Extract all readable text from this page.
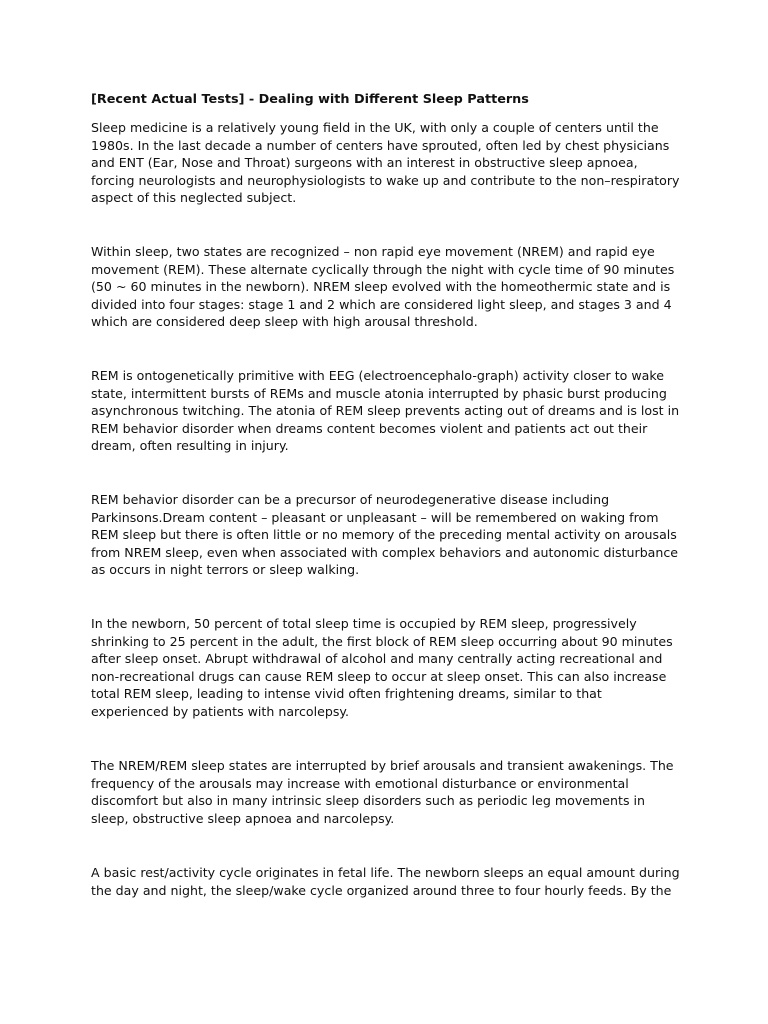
[Recent Actual Tests] - Dealing with Different Sleep Patterns

Sleep medicine is a relatively young field in the UK, with only a couple of centers until the
1980s. In the last decade a number of centers have sprouted, often led by chest physicians
and ENT (Ear, Nose and Throat) surgeons with an interest in obstructive sleep apnoea,
forcing neurologists and neurophysiologists to wake up and contribute to the non–respiratory
aspect of this neglected subject.

Within sleep, two states are recognized – non rapid eye movement (NREM) and rapid eye
movement (REM). These alternate cyclically through the night with cycle time of 90 minutes
(50 ~ 60 minutes in the newborn). NREM sleep evolved with the homeothermic state and is
divided into four stages: stage 1 and 2 which are considered light sleep, and stages 3 and 4
which are considered deep sleep with high arousal threshold.

REM is ontogenetically primitive with EEG (electroencephalo-graph) activity closer to wake
state, intermittent bursts of REMs and muscle atonia interrupted by phasic burst producing
asynchronous twitching. The atonia of REM sleep prevents acting out of dreams and is lost in
REM behavior disorder when dreams content becomes violent and patients act out their
dream, often resulting in injury.

REM behavior disorder can be a precursor of neurodegenerative disease including
Parkinsons.Dream content – pleasant or unpleasant – will be remembered on waking from
REM sleep but there is often little or no memory of the preceding mental activity on arousals
from NREM sleep, even when associated with complex behaviors and autonomic disturbance
as occurs in night terrors or sleep walking.

In the newborn, 50 percent of total sleep time is occupied by REM sleep, progressively
shrinking to 25 percent in the adult, the first block of REM sleep occurring about 90 minutes
after sleep onset. Abrupt withdrawal of alcohol and many centrally acting recreational and
non-recreational drugs can cause REM sleep to occur at sleep onset. This can also increase
total REM sleep, leading to intense vivid often frightening dreams, similar to that
experienced by patients with narcolepsy.

The NREM/REM sleep states are interrupted by brief arousals and transient awakenings. The
frequency of the arousals may increase with emotional disturbance or environmental
discomfort but also in many intrinsic sleep disorders such as periodic leg movements in
sleep, obstructive sleep apnoea and narcolepsy.

A basic rest/activity cycle originates in fetal life. The newborn sleeps an equal amount during
the day and night, the sleep/wake cycle organized around three to four hourly feeds. By the
